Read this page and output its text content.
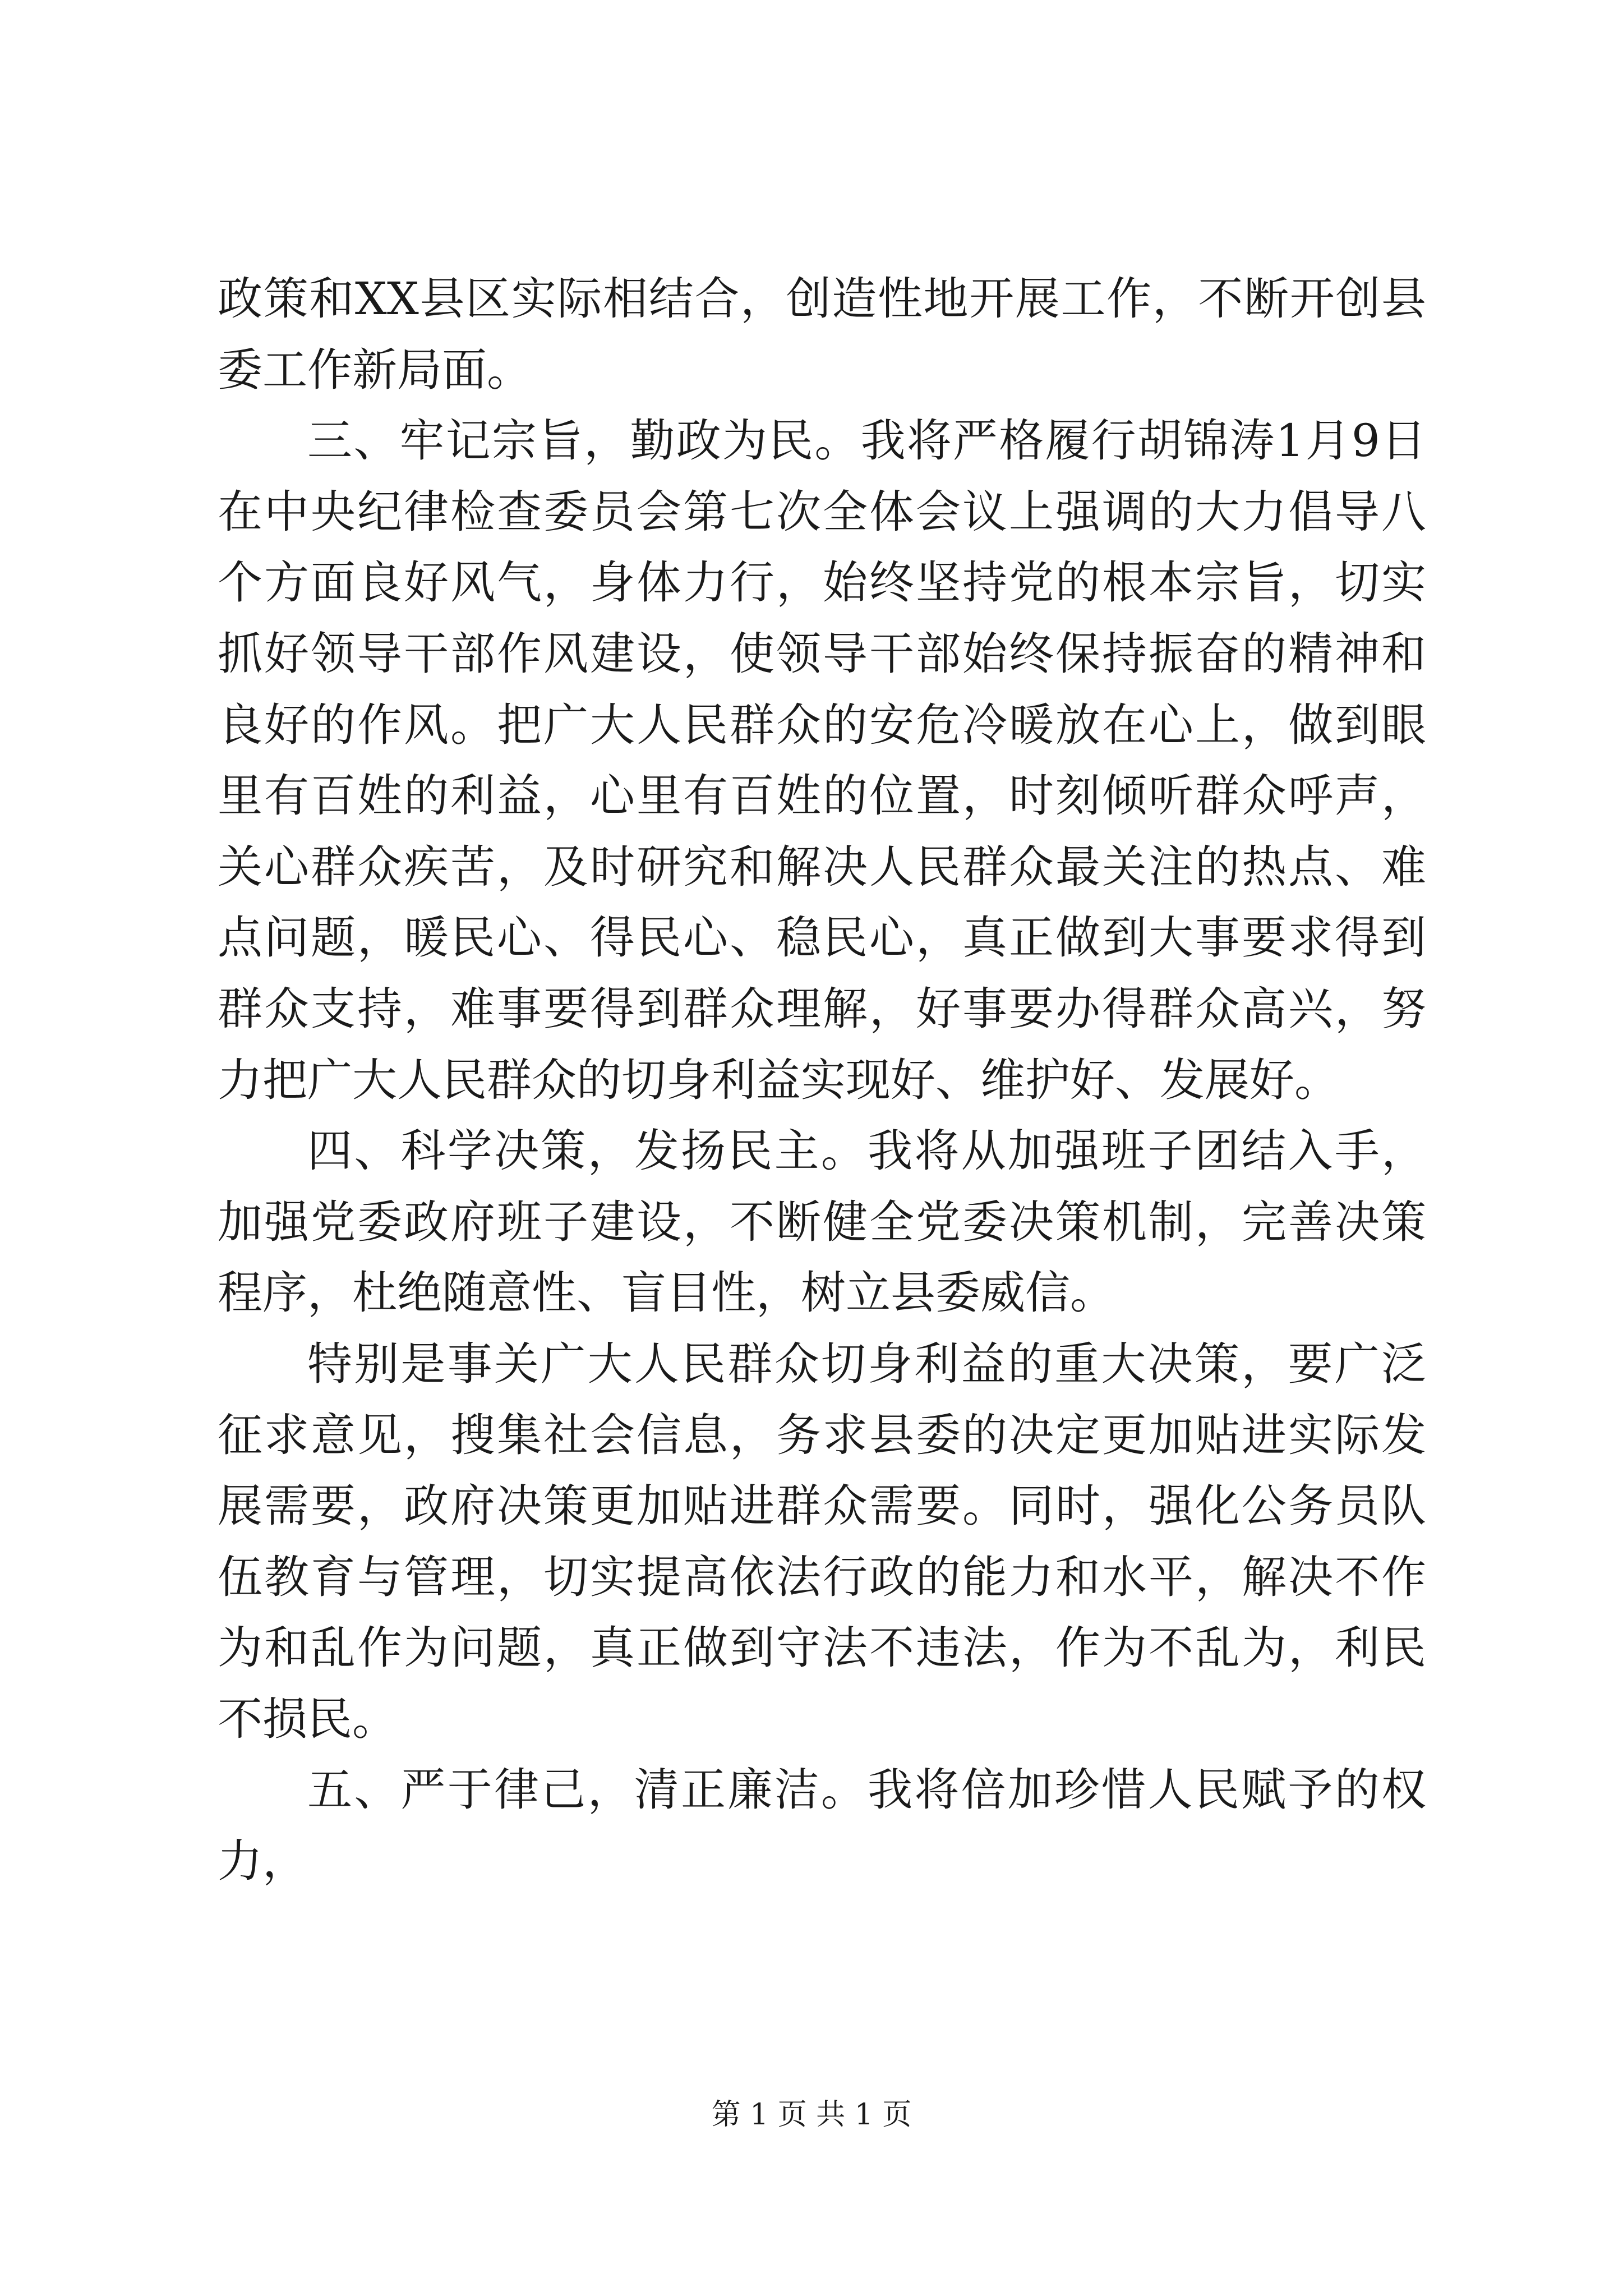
政策和XX县区实际相结合，创造性地开展工作，不断开创县委工作新局面。

三、牢记宗旨，勤政为民。我将严格履行胡锦涛1月9日在中央纪律检查委员会第七次全体会议上强调的大力倡导八个方面良好风气，身体力行，始终坚持党的根本宗旨，切实抓好领导干部作风建设，使领导干部始终保持振奋的精神和良好的作风。把广大人民群众的安危冷暖放在心上，做到眼里有百姓的利益，心里有百姓的位置，时刻倾听群众呼声，关心群众疾苦，及时研究和解决人民群众最关注的热点、难点问题，暖民心、得民心、稳民心，真正做到大事要求得到群众支持，难事要得到群众理解，好事要办得群众高兴，努力把广大人民群众的切身利益实现好、维护好、发展好。

四、科学决策，发扬民主。我将从加强班子团结入手，加强党委政府班子建设，不断健全党委决策机制，完善决策程序，杜绝随意性、盲目性，树立县委威信。

特别是事关广大人民群众切身利益的重大决策，要广泛征求意见，搜集社会信息，务求县委的决定更加贴进实际发展需要，政府决策更加贴进群众需要。同时，强化公务员队伍教育与管理，切实提高依法行政的能力和水平，解决不作为和乱作为问题，真正做到守法不违法，作为不乱为，利民不损民。

五、严于律己，清正廉洁。我将倍加珍惜人民赋予的权力，

第 1 页 共 1 页
